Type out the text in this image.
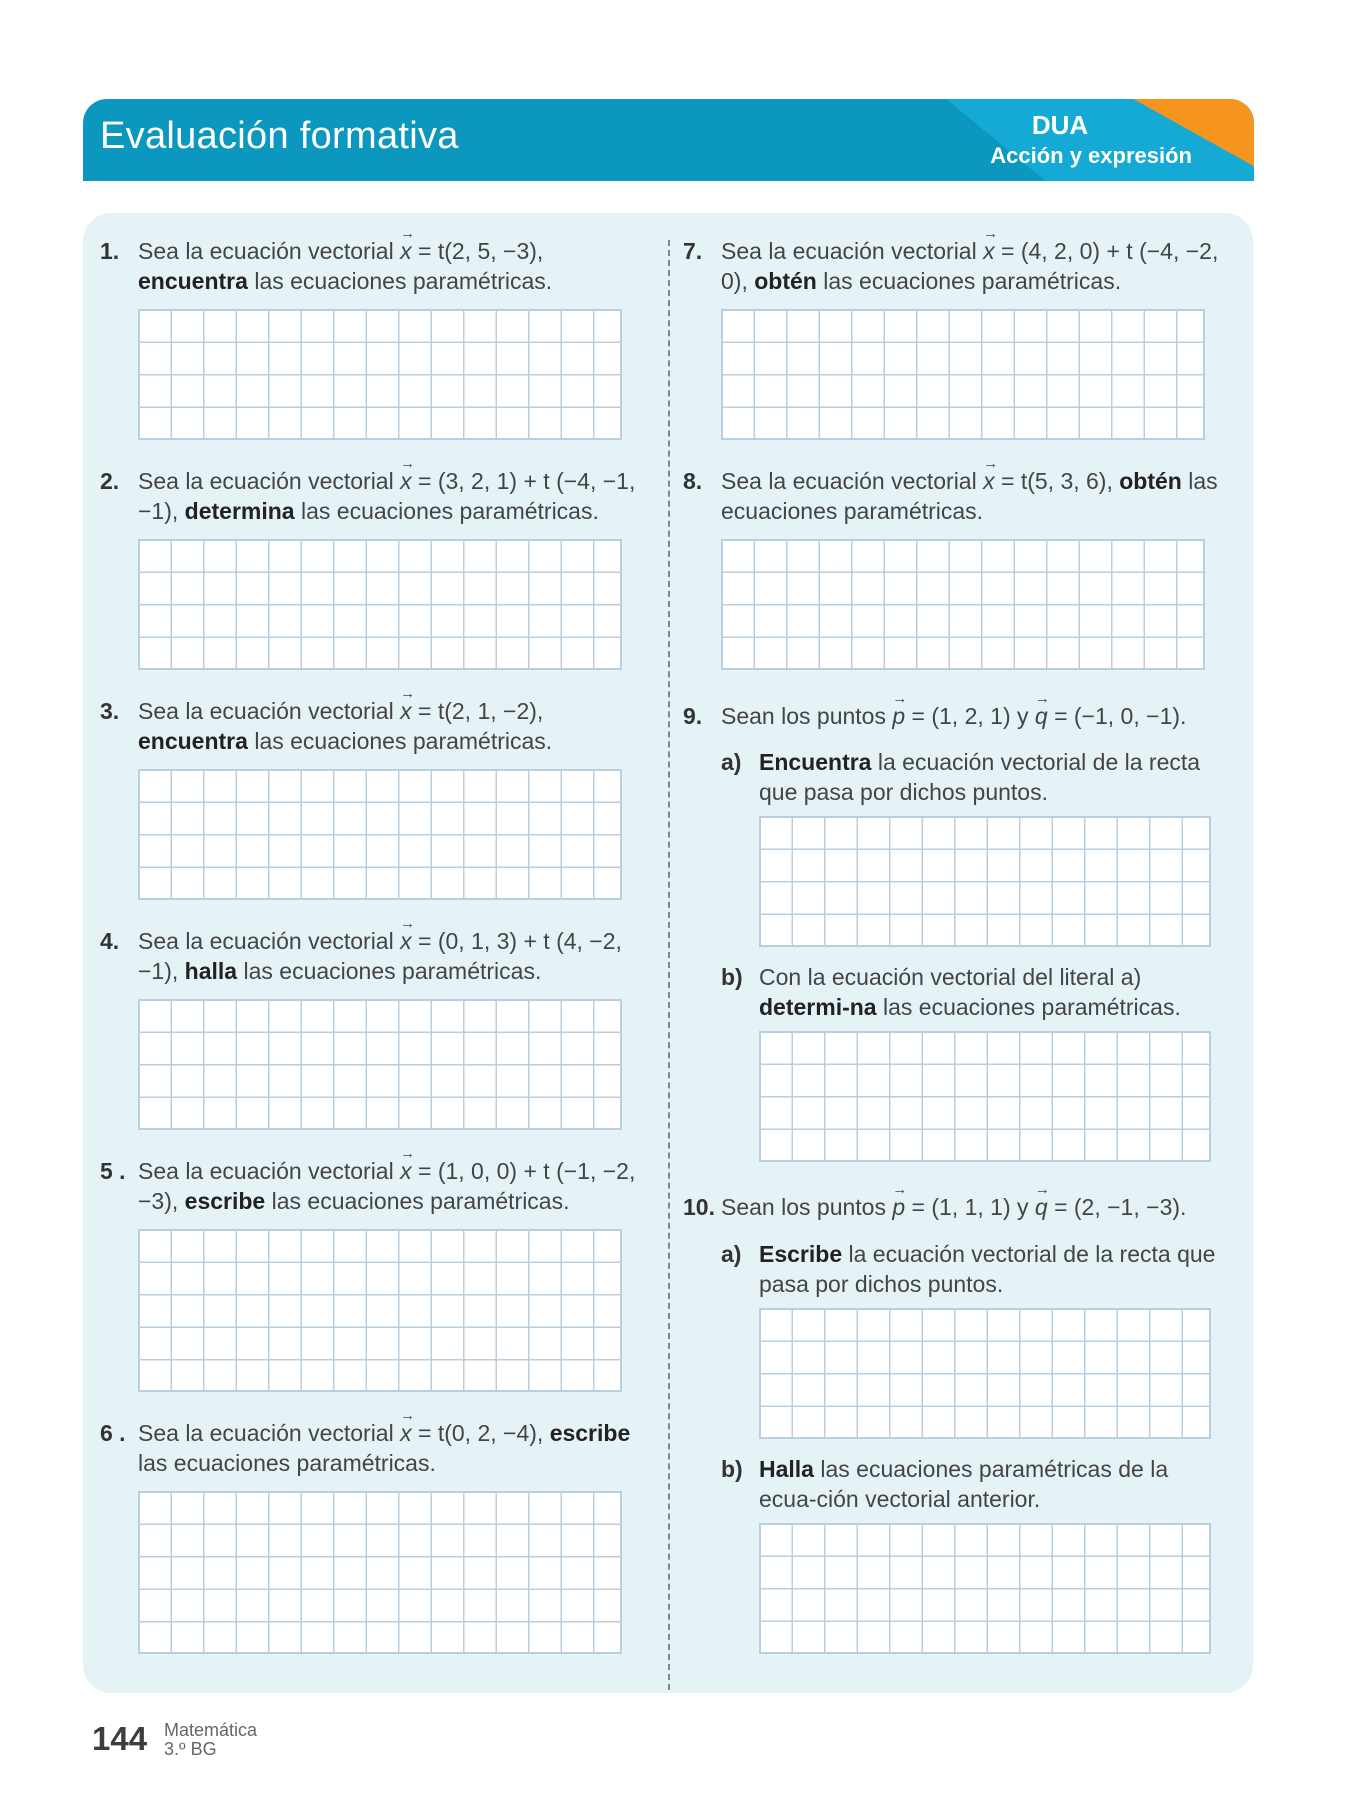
Evaluación formativa	DUA
Acción y expresión
1. Sea la ecuación vectorial → x = t(2, 5, −3), encuentra las ecuaciones paramétricas.
2. Sea la ecuación vectorial → x = (3, 2, 1) + t (−4, −1, −1), determina las ecuaciones paramétricas.
3. Sea la ecuación vectorial → x = t(2, 1, −2), encuentra las ecuaciones paramétricas.
4. Sea la ecuación vectorial → x = (0, 1, 3) + t (4, −2, −1), halla las ecuaciones paramétricas.
5 . Sea la ecuación vectorial → x = (1, 0, 0) + t (−1, −2, −3), escribe las ecuaciones paramétricas.
6 . Sea la ecuación vectorial → x = t(0, 2, −4), escribe las ecuaciones paramétricas.
7. Sea la ecuación vectorial → x = (4, 2, 0) + t (−4, −2, 0), obtén las ecuaciones paramétricas.
8. Sea la ecuación vectorial → x = t(5, 3, 6), obtén las ecuaciones paramétricas.
9. Sean los puntos → p = (1, 2, 1) y → q = (−1, 0, −1).
a) Encuentra la ecuación vectorial de la recta que pasa por dichos puntos.
b) Con la ecuación vectorial del literal a) determi-na las ecuaciones paramétricas.
10. Sean los puntos → p = (1, 1, 1) y → q = (2, −1, −3).
a) Escribe la ecuación vectorial de la recta que pasa por dichos puntos.
b) Halla las ecuaciones paramétricas de la ecua-ción vectorial anterior.
144 Matemática
3.º BG
